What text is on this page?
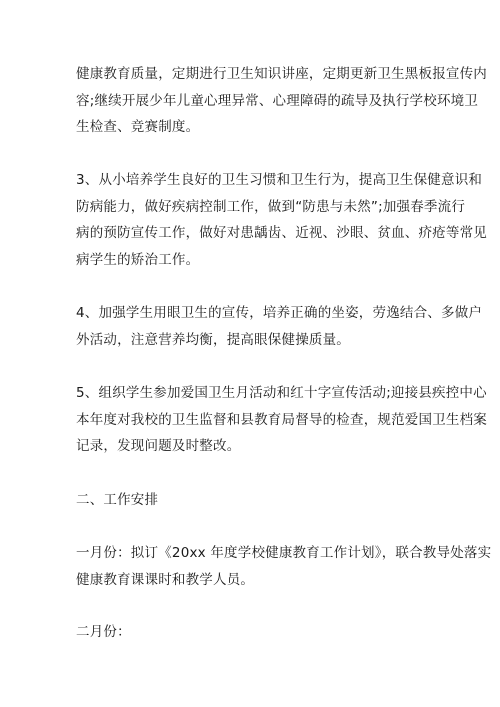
健康教育质量，定期进行卫生知识讲座，定期更新卫生黑板报宣传内
容;继续开展少年儿童心理异常、心理障碍的疏导及执行学校环境卫
生检查、竞赛制度。

3、从小培养学生良好的卫生习惯和卫生行为，提高卫生保健意识和
防病能力，做好疾病控制工作，做到“防患与未然”;加强春季流行
病的预防宣传工作，做好对患龋齿、近视、沙眼、贫血、疥疮等常见
病学生的矫治工作。

4、加强学生用眼卫生的宣传，培养正确的坐姿，劳逸结合、多做户
外活动，注意营养均衡，提高眼保健操质量。

5、组织学生参加爱国卫生月活动和红十字宣传活动;迎接县疾控中心
本年度对我校的卫生监督和县教育局督导的检查，规范爱国卫生档案
记录，发现问题及时整改。

二、工作安排

一月份：拟订《20xx 年度学校健康教育工作计划》，联合教导处落实
健康教育课课时和教学人员。

二月份：
